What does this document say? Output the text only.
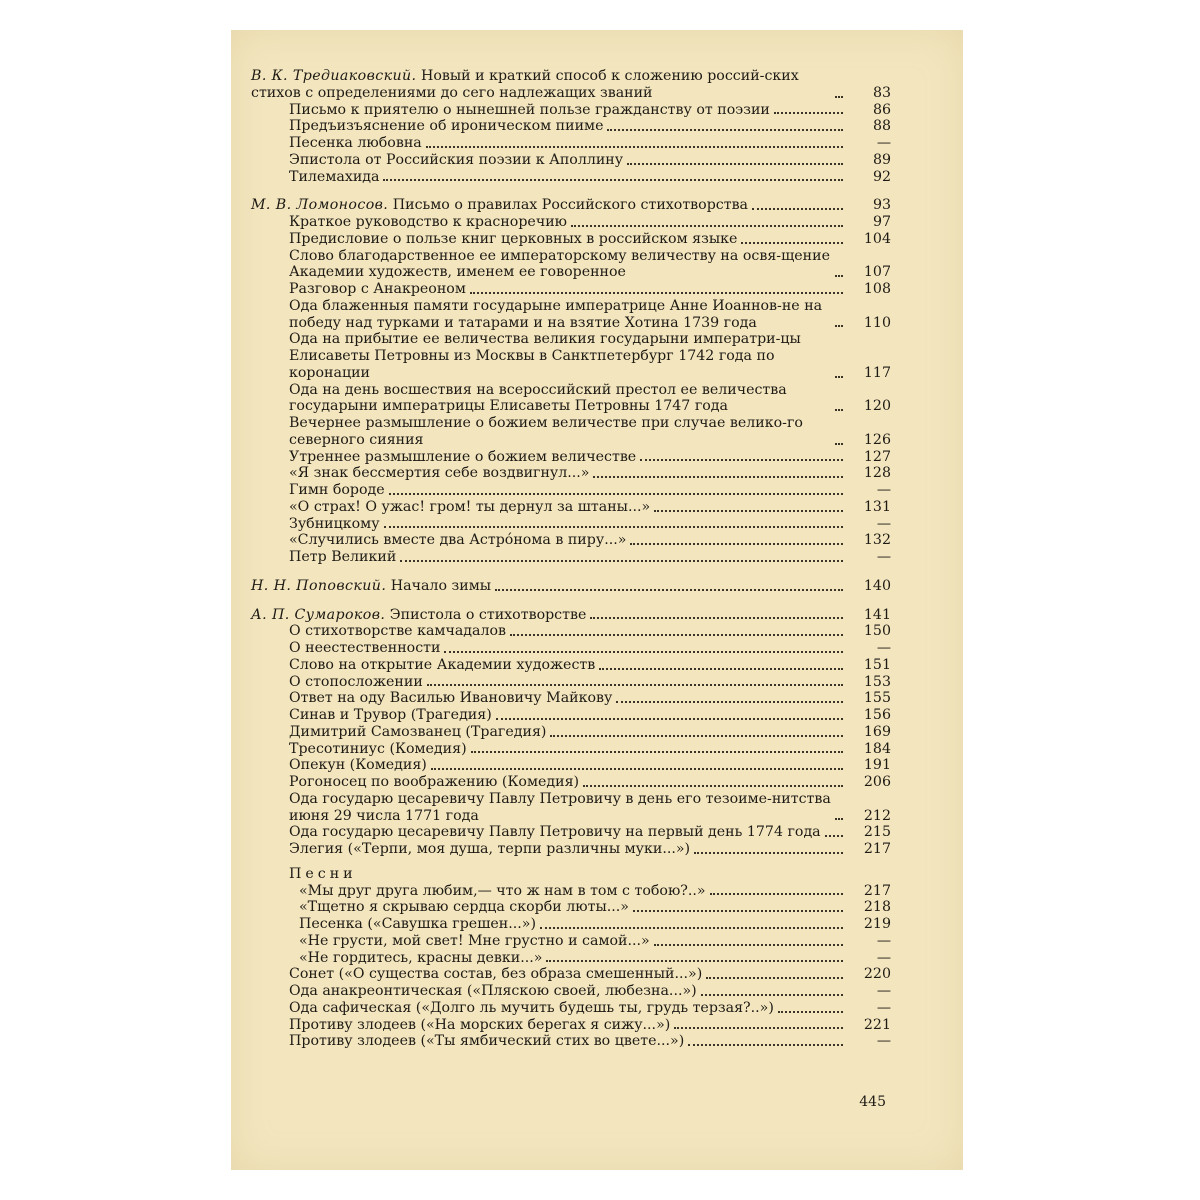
В. К. Тредиаковский. Новый и краткий способ к сложению россий-ских стихов с определениями до сего надлежащих званий	83
Письмо к приятелю о нынешней пользе гражданству от поэзии	86
Предъизъяснение об ироническом пииме	88
Песенка любовна	—
Эпистола от Российския поэзии к Аполлину	89
Тилемахида	92
М. В. Ломоносов. Письмо о правилах Российского стихотворства	93
Краткое руководство к красноречию	97
Предисловие о пользе книг церковных в российском языке	104
Слово благодарственное ее императорскому величеству на освя-щение Академии художеств, именем ее говоренное	107
Разговор с Анакреоном	108
Ода блаженныя памяти государыне императрице Анне Иоаннов-не на победу над турками и татарами и на взятие Хотина 1739 года	110
Ода на прибытие ее величества великия государыни императри-цы Елисаветы Петровны из Москвы в Санктпетербург 1742 года по коронации	117
Ода на день восшествия на всероссийский престол ее величества государыни императрицы Елисаветы Петровны 1747 года	120
Вечернее размышление о божием величестве при случае велико-го северного сияния	126
Утреннее размышление о божием величестве	127
«Я знак бессмертия себе воздвигнул...»	128
Гимн бороде	—
«О страх! О ужас! гром! ты дернул за штаны...»	131
Зубницкому	—
«Случились вместе два Астрóнома в пиру...»	132
Петр Великий	—
Н. Н. Поповский. Начало зимы	140
А. П. Сумароков. Эпистола о стихотворстве	141
О стихотворстве камчадалов	150
О неестественности	—
Слово на открытие Академии художеств	151
О стопосложении	153
Ответ на оду Василью Ивановичу Майкову	155
Синав и Трувор (Трагедия)	156
Димитрий Самозванец (Трагедия)	169
Тресотиниус (Комедия)	184
Опекун (Комедия)	191
Рогоносец по воображению (Комедия)	206
Ода государю цесаревичу Павлу Петровичу в день его тезоиме-нитства июня 29 числа 1771 года	212
Ода государю цесаревичу Павлу Петровичу на первый день 1774 года	215
Элегия («Терпи, моя душа, терпи различны муки...»)	217
Песни
«Мы друг друга любим,— что ж нам в том с тобою?..»	217
«Тщетно я скрываю сердца скорби люты...»	218
Песенка («Савушка грешен...»)	219
«Не грусти, мой свет! Мне грустно и самой...»	—
«Не гордитесь, красны девки...»	—
Сонет («О существа состав, без образа смешенный...»)	220
Ода анакреонтическая («Пляскою своей, любезна...»)	—
Ода сафическая («Долго ль мучить будешь ты, грудь терзая?..»)	—
Противу злодеев («На морских берегах я сижу...»)	221
Противу злодеев («Ты ямбический стих во цвете...»)	—
445
